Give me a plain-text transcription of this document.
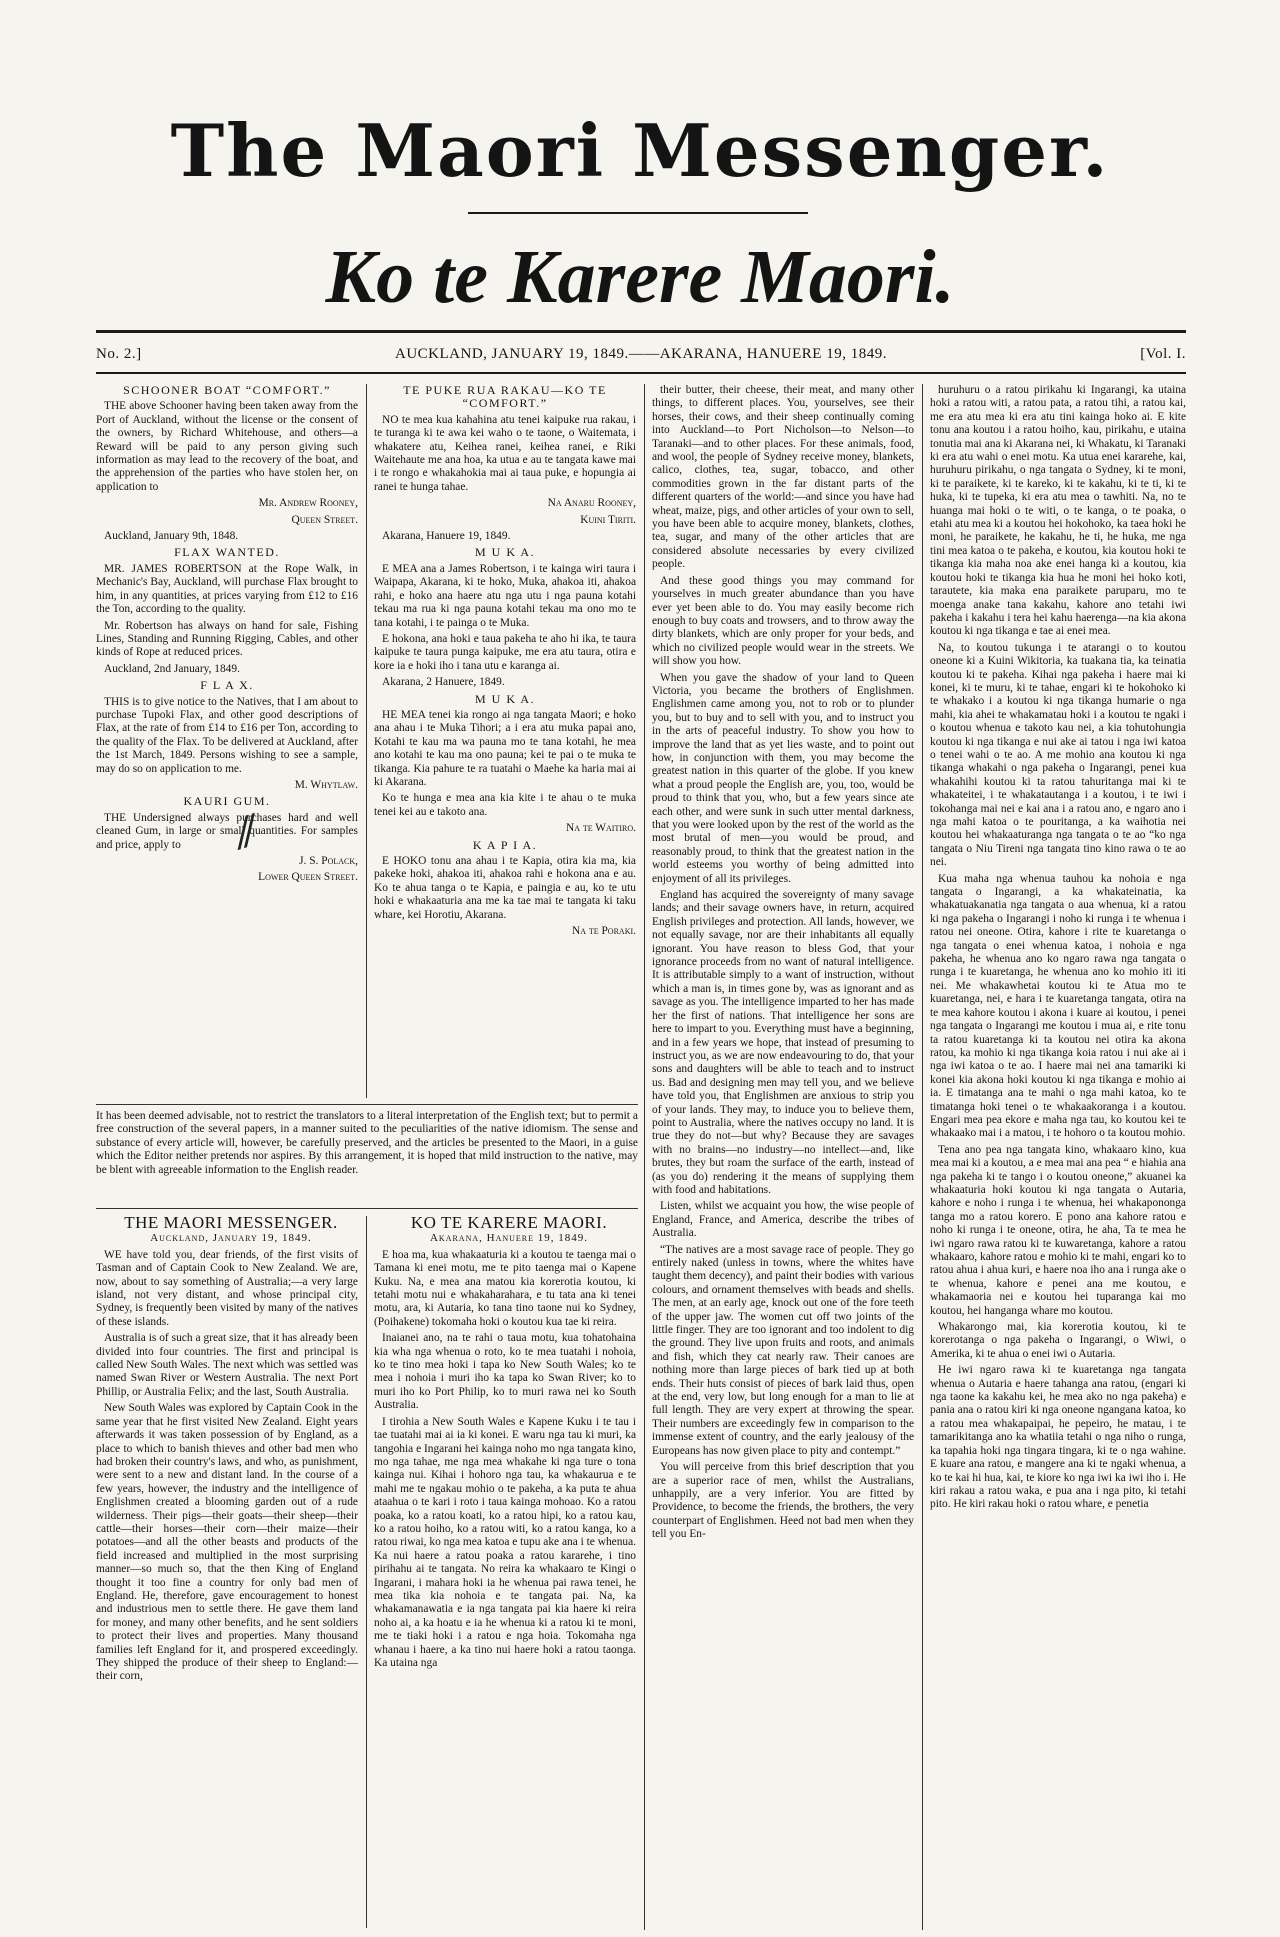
The Maori Messenger.
Ko te Karere Maori.
No. 2.]	AUCKLAND, JANUARY 19, 1849.——AKARANA, HANUERE 19, 1849.	[Vol. I.

SCHOONER BOAT “COMFORT.”

THE above Schooner having been taken away from the Port of Auckland, without the license or the consent of the owners, by Richard Whitehouse, and others—a Reward will be paid to any person giving such information as may lead to the recovery of the boat, and the apprehension of the parties who have stolen her, on application to

Mr. Andrew Rooney,

Queen Street.

Auckland, January 9th, 1848.

FLAX WANTED.

MR. JAMES ROBERTSON at the Rope Walk, in Mechanic's Bay, Auckland, will purchase Flax brought to him, in any quantities, at prices varying from £12 to £16 the Ton, according to the quality.

Mr. Robertson has always on hand for sale, Fishing Lines, Standing and Running Rigging, Cables, and other kinds of Rope at reduced prices.

Auckland, 2nd January, 1849.

F L A X.

THIS is to give notice to the Natives, that I am about to purchase Tupoki Flax, and other good descriptions of Flax, at the rate of from £14 to £16 per Ton, according to the quality of the Flax. To be delivered at Auckland, after the 1st March, 1849. Persons wishing to see a sample, may do so on application to me.

M. Whytlaw.

KAURI GUM.

THE Undersigned always purchases hard and well cleaned Gum, in large or small quantities. For samples and price, apply to

J. S. Polack,

Lower Queen Street.

⁄⁄

TE PUKE RUA RAKAU—KO TE “COMFORT.”

NO te mea kua kahahina atu tenei kaipuke rua rakau, i te turanga ki te awa kei waho o te taone, o Waitemata, i whakatere atu, Keihea ranei, keihea ranei, e Riki Waitehaute me ana hoa, ka utua e au te tangata kawe mai i te rongo e whakahokia mai ai taua puke, e hopungia ai ranei te hunga tahae.

Na Anaru Rooney,

Kuini Tiriti.

Akarana, Hanuere 19, 1849.

M U K A.

E MEA ana a James Robertson, i te kainga wiri taura i Waipapa, Akarana, ki te hoko, Muka, ahakoa iti, ahakoa rahi, e hoko ana haere atu nga utu i nga pauna kotahi tekau ma rua ki nga pauna kotahi tekau ma ono mo te tana kotahi, i te painga o te Muka.

E hokona, ana hoki e taua pakeha te aho hi ika, te taura kaipuke te taura punga kaipuke, me era atu taura, otira e kore ia e hoki iho i tana utu e karanga ai.

Akarana, 2 Hanuere, 1849.

M U K A.

HE MEA tenei kia rongo ai nga tangata Maori; e hoko ana ahau i te Muka Tihori; a i era atu muka papai ano, Kotahi te kau ma wa pauna mo te tana kotahi, he mea ano kotahi te kau ma ono pauna; kei te pai o te muka te tikanga. Kia pahure te ra tuatahi o Maehe ka haria mai ai ki Akarana.

Ko te hunga e mea ana kia kite i te ahau o te muka tenei kei au e takoto ana.

Na te Waitiro.

K A P I A.

E HOKO tonu ana ahau i te Kapia, otira kia ma, kia pakeke hoki, ahakoa iti, ahakoa rahi e hokona ana e au. Ko te ahua tanga o te Kapia, e paingia e au, ko te utu hoki e whakaaturia ana me ka tae mai te tangata ki taku whare, kei Horotiu, Akarana.

Na te Poraki.

It has been deemed advisable, not to restrict the translators to a literal interpretation of the English text; but to permit a free construction of the several papers, in a manner suited to the peculiarities of the native idiomism. The sense and substance of every article will, however, be carefully preserved, and the articles be presented to the Maori, in a guise which the Editor neither pretends nor aspires. By this arrangement, it is hoped that mild instruction to the native, may be blent with agreeable information to the English reader.

THE MAORI MESSENGER.

Auckland, January 19, 1849.

WE have told you, dear friends, of the first visits of Tasman and of Captain Cook to New Zealand. We are, now, about to say something of Australia;—a very large island, not very distant, and whose principal city, Sydney, is frequently been visited by many of the natives of these islands.

Australia is of such a great size, that it has already been divided into four countries. The first and principal is called New South Wales. The next which was settled was named Swan River or Western Australia. The next Port Phillip, or Australia Felix; and the last, South Australia.

New South Wales was explored by Captain Cook in the same year that he first visited New Zealand. Eight years afterwards it was taken possession of by England, as a place to which to banish thieves and other bad men who had broken their country's laws, and who, as punishment, were sent to a new and distant land. In the course of a few years, however, the industry and the intelligence of Englishmen created a blooming garden out of a rude wilderness. Their pigs—their goats—their sheep—their cattle—their horses—their corn—their maize—their potatoes—and all the other beasts and products of the field increased and multiplied in the most surprising manner—so much so, that the then King of England thought it too fine a country for only bad men of England. He, therefore, gave encouragement to honest and industrious men to settle there. He gave them land for money, and many other benefits, and he sent soldiers to protect their lives and properties. Many thousand families left England for it, and prospered exceedingly. They shipped the produce of their sheep to England:—their corn,

KO TE KARERE MAORI.

Akarana, Hanuere 19, 1849.

E hoa ma, kua whakaaturia ki a koutou te taenga mai o Tamana ki enei motu, me te pito taenga mai o Kapene Kuku. Na, e mea ana matou kia korerotia koutou, ki tetahi motu nui e whakaharahara, e tu tata ana ki tenei motu, ara, ki Autaria, ko tana tino taone nui ko Sydney, (Poihakene) tokomaha hoki o koutou kua tae ki reira.

Inaianei ano, na te rahi o taua motu, kua tohatohaina kia wha nga whenua o roto, ko te mea tuatahi i nohoia, ko te tino mea hoki i tapa ko New South Wales; ko te mea i nohoia i muri iho ka tapa ko Swan River; ko to muri iho ko Port Philip, ko to muri rawa nei ko South Australia.

I tirohia a New South Wales e Kapene Kuku i te tau i tae tuatahi mai ai ia ki konei. E waru nga tau ki muri, ka tangohia e Ingarani hei kainga noho mo nga tangata kino, mo nga tahae, me nga mea whakahe ki nga ture o tona kainga nui. Kihai i hohoro nga tau, ka whakaurua e te mahi me te ngakau mohio o te pakeha, a ka puta te ahua ataahua o te kari i roto i taua kainga mohoao. Ko a ratou poaka, ko a ratou koati, ko a ratou hipi, ko a ratou kau, ko a ratou hoiho, ko a ratou witi, ko a ratou kanga, ko a ratou riwai, ko nga mea katoa e tupu ake ana i te whenua. Ka nui haere a ratou poaka a ratou kararehe, i tino pirihahu ai te tangata. No reira ka whakaaro te Kingi o Ingarani, i mahara hoki ia he whenua pai rawa tenei, he mea tika kia nohoia e te tangata pai. Na, ka whakamanawatia e ia nga tangata pai kia haere ki reira noho ai, a ka hoatu e ia he whenua ki a ratou ki te moni, me te tiaki hoki i a ratou e nga hoia. Tokomaha nga whanau i haere, a ka tino nui haere hoki a ratou taonga. Ka utaina nga

their butter, their cheese, their meat, and many other things, to different places. You, yourselves, see their horses, their cows, and their sheep continually coming into Auckland—to Port Nicholson—to Nelson—to Taranaki—and to other places. For these animals, food, and wool, the people of Sydney receive money, blankets, calico, clothes, tea, sugar, tobacco, and other commodities grown in the far distant parts of the different quarters of the world:—and since you have had wheat, maize, pigs, and other articles of your own to sell, you have been able to acquire money, blankets, clothes, tea, sugar, and many of the other articles that are considered absolute necessaries by every civilized people.

And these good things you may command for yourselves in much greater abundance than you have ever yet been able to do. You may easily become rich enough to buy coats and trowsers, and to throw away the dirty blankets, which are only proper for your beds, and which no civilized people would wear in the streets. We will show you how.

When you gave the shadow of your land to Queen Victoria, you became the brothers of Englishmen. Englishmen came among you, not to rob or to plunder you, but to buy and to sell with you, and to instruct you in the arts of peaceful industry. To show you how to improve the land that as yet lies waste, and to point out how, in conjunction with them, you may become the greatest nation in this quarter of the globe. If you knew what a proud people the English are, you, too, would be proud to think that you, who, but a few years since ate each other, and were sunk in such utter mental darkness, that you were looked upon by the rest of the world as the most brutal of men—you would be proud, and reasonably proud, to think that the greatest nation in the world esteems you worthy of being admitted into enjoyment of all its privileges.

England has acquired the sovereignty of many savage lands; and their savage owners have, in return, acquired English privileges and protection. All lands, however, we not equally savage, nor are their inhabitants all equally ignorant. You have reason to bless God, that your ignorance proceeds from no want of natural intelligence. It is attributable simply to a want of instruction, without which a man is, in times gone by, was as ignorant and as savage as you. The intelligence imparted to her has made her the first of nations. That intelligence her sons are here to impart to you. Everything must have a beginning, and in a few years we hope, that instead of presuming to instruct you, as we are now endeavouring to do, that your sons and daughters will be able to teach and to instruct us. Bad and designing men may tell you, and we believe have told you, that Englishmen are anxious to strip you of your lands. They may, to induce you to believe them, point to Australia, where the natives occupy no land. It is true they do not—but why? Because they are savages with no brains—no industry—no intellect—and, like brutes, they but roam the surface of the earth, instead of (as you do) rendering it the means of supplying them with food and habitations.

Listen, whilst we acquaint you how, the wise people of England, France, and America, describe the tribes of Australia.

“The natives are a most savage race of people. They go entirely naked (unless in towns, where the whites have taught them decency), and paint their bodies with various colours, and ornament themselves with beads and shells. The men, at an early age, knock out one of the fore teeth of the upper jaw. The women cut off two joints of the little finger. They are too ignorant and too indolent to dig the ground. They live upon fruits and roots, and animals and fish, which they cat nearly raw. Their canoes are nothing more than large pieces of bark tied up at both ends. Their huts consist of pieces of bark laid thus, open at the end, very low, but long enough for a man to lie at full length. They are very expert at throwing the spear. Their numbers are exceedingly few in comparison to the immense extent of country, and the early jealousy of the Europeans has now given place to pity and contempt.”

You will perceive from this brief description that you are a superior race of men, whilst the Australians, unhappily, are a very inferior. You are fitted by Providence, to become the friends, the brothers, the very counterpart of Englishmen. Heed not bad men when they tell you En-

huruhuru o a ratou pirikahu ki Ingarangi, ka utaina hoki a ratou witi, a ratou pata, a ratou tihi, a ratou kai, me era atu mea ki era atu tini kainga hoko ai. E kite tonu ana koutou i a ratou hoiho, kau, pirikahu, e utaina tonutia mai ana ki Akarana nei, ki Whakatu, ki Taranaki ki era atu wahi o enei motu. Ka utua enei kararehe, kai, huruhuru pirikahu, o nga tangata o Sydney, ki te moni, ki te paraikete, ki te kareko, ki te kakahu, ki te ti, ki te huka, ki te tupeka, ki era atu mea o tawhiti. Na, no te huanga mai hoki o te witi, o te kanga, o te poaka, o etahi atu mea ki a koutou hei hokohoko, ka taea hoki he moni, he paraikete, he kakahu, he ti, he huka, me nga tini mea katoa o te pakeha, e koutou, kia koutou hoki te tikanga kia maha noa ake enei hanga ki a koutou, kia koutou hoki te tikanga kia hua he moni hei hoko koti, tarautete, kia maka ena paraikete paruparu, mo te moenga anake tana kakahu, kahore ano tetahi iwi pakeha i kakahu i tera hei kahu haerenga—na kia akona koutou ki nga tikanga e tae ai enei mea.

Na, to koutou tukunga i te atarangi o to koutou oneone ki a Kuini Wikitoria, ka tuakana tia, ka teinatia koutou ki te pakeha. Kihai nga pakeha i haere mai ki konei, ki te muru, ki te tahae, engari ki te hokohoko ki te whakako i a koutou ki nga tikanga humarie o nga mahi, kia ahei te whakamatau hoki i a koutou te ngaki i o koutou whenua e takoto kau nei, a kia tohutohungia koutou ki nga tikanga e nui ake ai tatou i nga iwi katoa o tenei wahi o te ao. A me mohio ana koutou ki nga tikanga whakahi o nga pakeha o Ingarangi, penei kua whakahihi koutou ki ta ratou tahuritanga mai ki te whakateitei, i te whakatautanga i a koutou, i te iwi i tokohanga mai nei e kai ana i a ratou ano, e ngaro ano i nga mahi katoa o te pouritanga, a ka waihotia nei koutou hei whakaaturanga nga tangata o te ao “ko nga tangata o Niu Tireni nga tangata tino kino rawa o te ao nei.

Kua maha nga whenua tauhou ka nohoia e nga tangata o Ingarangi, a ka whakateinatia, ka whakatuakanatia nga tangata o aua whenua, ki a ratou ki nga pakeha o Ingarangi i noho ki runga i te whenua i ratou nei oneone. Otira, kahore i rite te kuaretanga o nga tangata o enei whenua katoa, i nohoia e nga pakeha, he whenua ano ko ngaro rawa nga tangata o runga i te kuaretanga, he whenua ano ko mohio iti iti nei. Me whakawhetai koutou ki te Atua mo te kuaretanga, nei, e hara i te kuaretanga tangata, otira na te mea kahore koutou i akona i kuare ai koutou, i penei nga tangata o Ingarangi me koutou i mua ai, e rite tonu ta ratou kuaretanga ki ta koutou nei otira ka akona ratou, ka mohio ki nga tikanga koia ratou i nui ake ai i nga iwi katoa o te ao. I haere mai nei ana tamariki ki konei kia akona hoki koutou ki nga tikanga e mohio ai ia. E timatanga ana te mahi o nga mahi katoa, ko te timatanga hoki tenei o te whakaakoranga i a koutou. Engari mea pea ekore e maha nga tau, ko koutou kei te whakaako mai i a matou, i te hohoro o ta koutou mohio.

Tena ano pea nga tangata kino, whakaaro kino, kua mea mai ki a koutou, a e mea mai ana pea “ e hiahia ana nga pakeha ki te tango i o koutou oneone,” akuanei ka whakaaturia hoki koutou ki nga tangata o Autaria, kahore e noho i runga i te whenua, hei whakapononga tanga mo a ratou korero. E pono ana kahore ratou e noho ki runga i te oneone, otira, he aha, Ta te mea he iwi ngaro rawa ratou ki te kuwaretanga, kahore a ratou whakaaro, kahore ratou e mohio ki te mahi, engari ko to ratou ahua i ahua kuri, e haere noa iho ana i runga ake o te whenua, kahore e penei ana me koutou, e whakamaoria nei e koutou hei tuparanga kai mo koutou, hei hanganga whare mo koutou.

Whakarongo mai, kia korerotia koutou, ki te korerotanga o nga pakeha o Ingarangi, o Wiwi, o Amerika, ki te ahua o enei iwi o Autaria.

He iwi ngaro rawa ki te kuaretanga nga tangata whenua o Autaria e haere tahanga ana ratou, (engari ki nga taone ka kakahu kei, he mea ako no nga pakeha) e pania ana o ratou kiri ki nga oneone ngangana katoa, ko a ratou mea whakapaipai, he pepeiro, he matau, i te tamarikitanga ano ka whatiia tetahi o nga niho o runga, ka tapahia hoki nga tingara tingara, ki te o nga wahine. E kuare ana ratou, e mangere ana ki te ngaki whenua, a ko te kai hi hua, kai, te kiore ko nga iwi ka iwi iho i. He kiri rakau a ratou waka, e pua ana i nga pito, ki tetahi pito. He kiri rakau hoki o ratou whare, e penetia
